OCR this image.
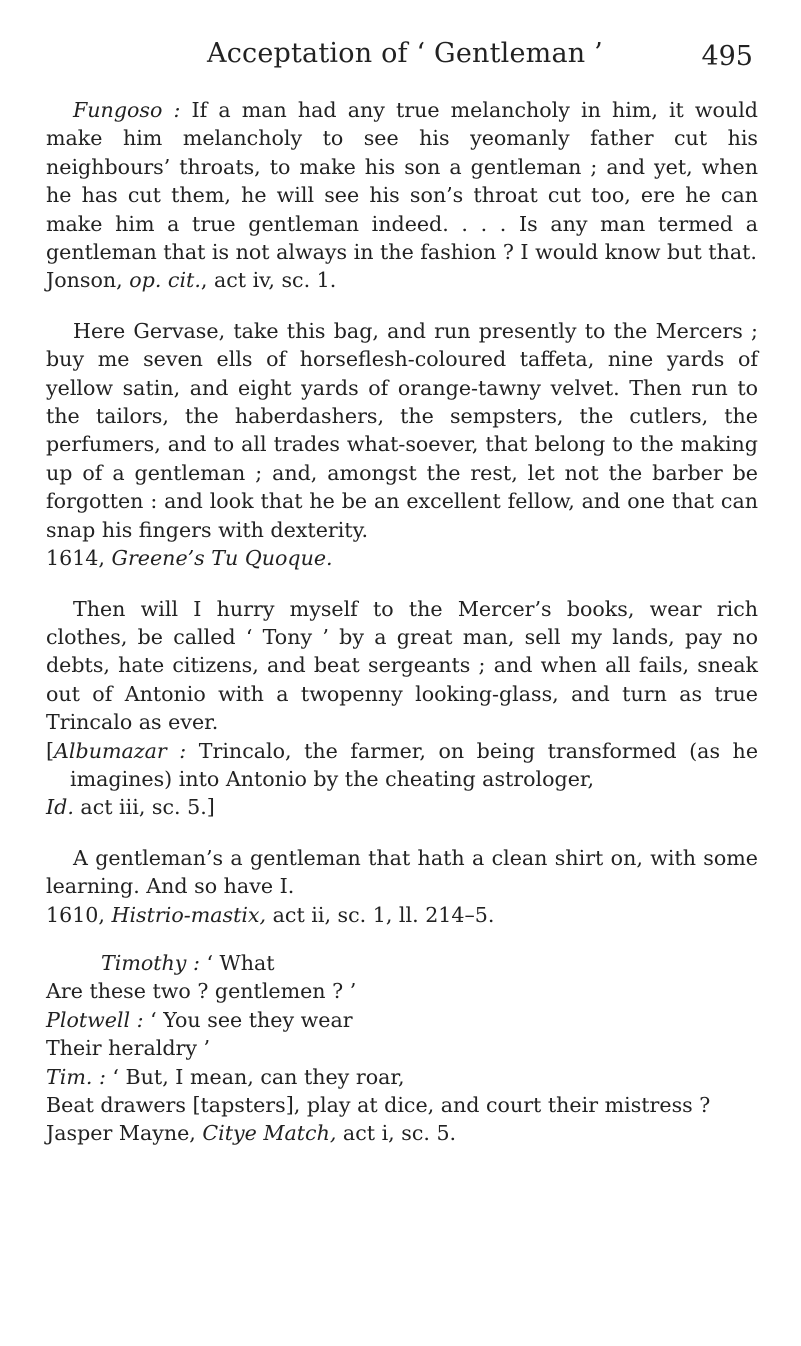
Acceptation of ‘ Gentleman ’	495

Fungoso : If a man had any true melancholy in him, it would make him melancholy to see his yeomanly father cut his neighbours’ throats, to make his son a gentleman ; and yet, when he has cut them, he will see his son’s throat cut too, ere he can make him a true gentleman indeed. . . . Is any man termed a gentleman that is not always in the fashion ? I would know but that.

Jonson, op. cit., act iv, sc. 1.

Here Gervase, take this bag, and run presently to the Mercers ; buy me seven ells of horseflesh-coloured taffeta, nine yards of yellow satin, and eight yards of orange-tawny velvet. Then run to the tailors, the haberdashers, the sempsters, the cutlers, the perfumers, and to all trades what-soever, that belong to the making up of a gentleman ; and, amongst the rest, let not the barber be forgotten : and look that he be an excellent fellow, and one that can snap his fingers with dexterity.

1614, Greene’s Tu Quoque.

Then will I hurry myself to the Mercer’s books, wear rich clothes, be called ‘ Tony ’ by a great man, sell my lands, pay no debts, hate citizens, and beat sergeants ; and when all fails, sneak out of Antonio with a twopenny looking-glass, and turn as true Trincalo as ever.

[Albumazar : Trincalo, the farmer, on being transformed (as he imagines) into Antonio by the cheating astrologer,

Id. act iii, sc. 5.]

A gentleman’s a gentleman that hath a clean shirt on, with some learning. And so have I.

1610, Histrio-mastix, act ii, sc. 1, ll. 214–5.

Timothy : ‘ What

Are these two ? gentlemen ? ’

Plotwell : ‘ You see they wear

Their heraldry ’

Tim. : ‘ But, I mean, can they roar,

Beat drawers [tapsters], play at dice, and court their mistress ?

Jasper Mayne, Citye Match, act i, sc. 5.
